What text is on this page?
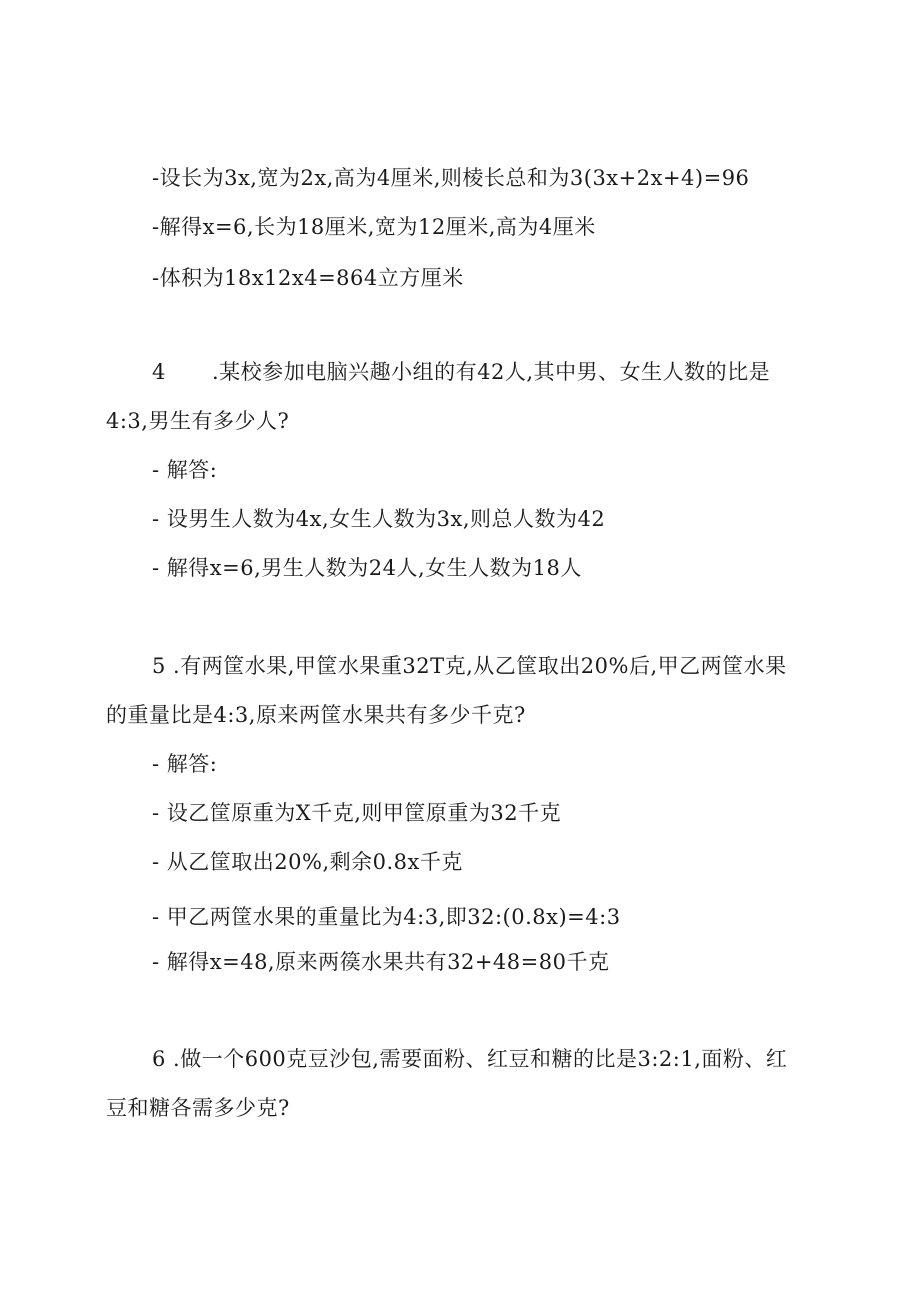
-设长为3x,宽为2x,高为4厘米,则棱长总和为3(3x+2x+4)=96
-解得x=6,长为18厘米,宽为12厘米,高为4厘米
-体积为18x12x4=864立方厘米
4 .某校参加电脑兴趣小组的有42人,其中男、女生人数的比是
4:3,男生有多少人?
- 解答:
- 设男生人数为4x,女生人数为3x,则总人数为42
- 解得x=6,男生人数为24人,女生人数为18人
5 .有两筐水果,甲筐水果重32T克,从乙筐取出20%后,甲乙两筐水果
的重量比是4:3,原来两筐水果共有多少千克?
- 解答:
- 设乙筐原重为X千克,则甲筐原重为32千克
- 从乙筐取出20%,剩余0.8x千克
- 甲乙两筐水果的重量比为4:3,即32:(0.8x)=4:3
- 解得x=48,原来两篌水果共有32+48=80千克
6 .做一个600克豆沙包,需要面粉、红豆和糖的比是3:2:1,面粉、红
豆和糖各需多少克?
